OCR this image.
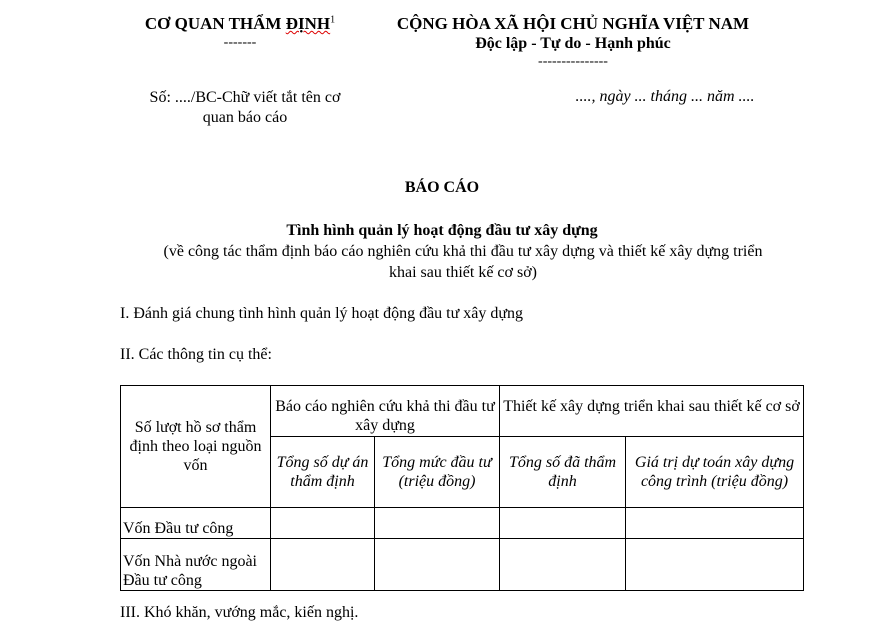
CƠ QUAN THẨM ĐỊNH$^1$
-------
CỘNG HÒA XÃ HỘI CHỦ NGHĨA VIỆT NAM
Độc lập - Tự do - Hạnh phúc
---------------
Số: ..../BC-Chữ viết tắt tên cơ
quan báo cáo
...., ngày ... tháng ... năm ....
BÁO CÁO
Tình hình quản lý hoạt động đầu tư xây dựng
(về công tác thẩm định báo cáo nghiên cứu khả thi đầu tư xây dựng và thiết kế xây dựng triển
khai sau thiết kế cơ sở)
I. Đánh giá chung tình hình quản lý hoạt động đầu tư xây dựng
II. Các thông tin cụ thể:
Số lượt hồ sơ thẩm định theo loại nguồn vốn	Báo cáo nghiên cứu khả thi đầu tư xây dựng		Thiết kế xây dựng triển khai sau thiết kế cơ sở	
	Tổng số dự án thẩm định	Tổng mức đầu tư (triệu đồng)	Tổng số đã thẩm định	Giá trị dự toán xây dựng công trình (triệu đồng)
Vốn Đầu tư công				
Vốn Nhà nước ngoài Đầu tư công				
III. Khó khăn, vướng mắc, kiến nghị.
